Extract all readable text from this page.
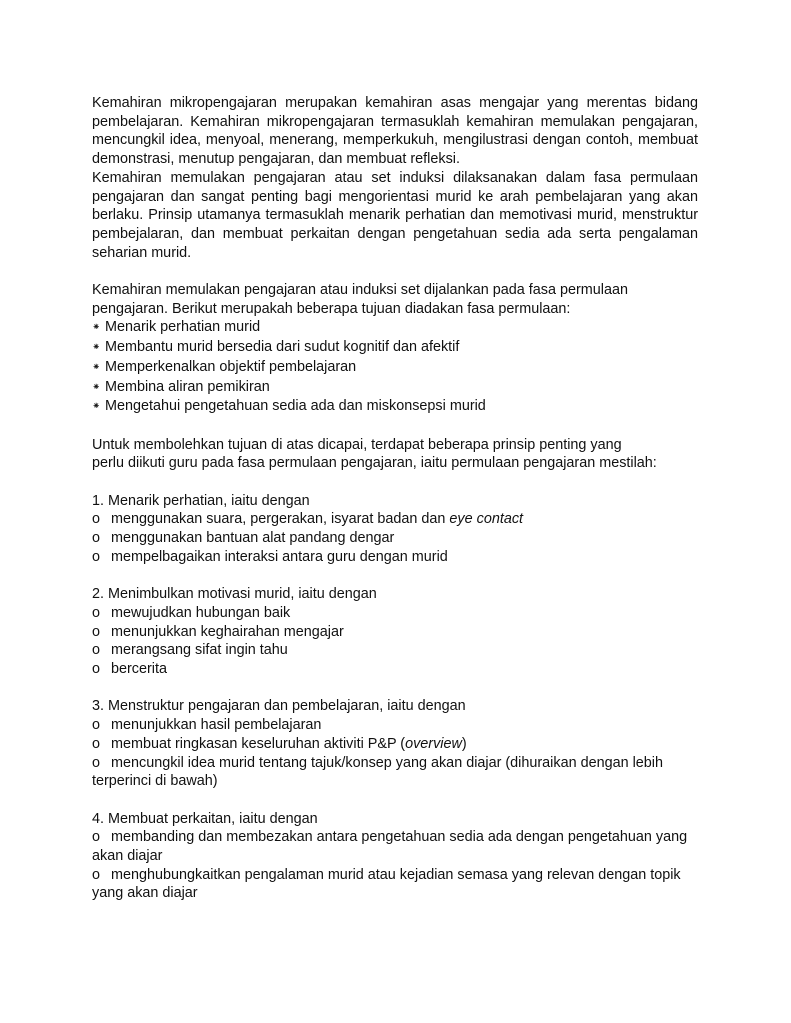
Kemahiran mikropengajaran merupakan kemahiran asas mengajar yang merentas bidang pembelajaran. Kemahiran mikropengajaran termasuklah kemahiran memulakan pengajaran, mencungkil idea, menyoal, menerang, memperkukuh, mengilustrasi dengan contoh, membuat demonstrasi, menutup pengajaran, dan membuat refleksi.

Kemahiran memulakan pengajaran atau set induksi dilaksanakan dalam fasa permulaan pengajaran dan sangat penting bagi mengorientasi murid ke arah pembelajaran yang akan berlaku. Prinsip utamanya termasuklah menarik perhatian dan memotivasi murid, menstruktur pembejalaran, dan membuat perkaitan dengan pengetahuan sedia ada serta pengalaman seharian murid.

Kemahiran memulakan pengajaran atau induksi set dijalankan pada fasa permulaan
pengajaran. Berikut merupakah beberapa tujuan diadakan fasa permulaan:

⁕ Menarik perhatian murid
⁕ Membantu murid bersedia dari sudut kognitif dan afektif
⁕ Memperkenalkan objektif pembelajaran
⁕ Membina aliran pemikiran
⁕ Mengetahui pengetahuan sedia ada dan miskonsepsi murid

Untuk membolehkan tujuan di atas dicapai, terdapat beberapa prinsip penting yang
perlu diikuti guru pada fasa permulaan pengajaran, iaitu permulaan pengajaran mestilah:

1. Menarik perhatian, iaitu dengan
o menggunakan suara, pergerakan, isyarat badan dan eye contact
o menggunakan bantuan alat pandang dengar
o mempelbagaikan interaksi antara guru dengan murid
2. Menimbulkan motivasi murid, iaitu dengan
o mewujudkan hubungan baik
o menunjukkan keghairahan mengajar
o merangsang sifat ingin tahu
o bercerita
3. Menstruktur pengajaran dan pembelajaran, iaitu dengan
o menunjukkan hasil pembelajaran
o membuat ringkasan keseluruhan aktiviti P&P (overview)
o mencungkil idea murid tentang tajuk/konsep yang akan diajar (dihuraikan dengan lebih terperinci di bawah)
4. Membuat perkaitan, iaitu dengan
o membanding dan membezakan antara pengetahuan sedia ada dengan pengetahuan yang akan diajar
o menghubungkaitkan pengalaman murid atau kejadian semasa yang relevan dengan topik yang akan diajar
